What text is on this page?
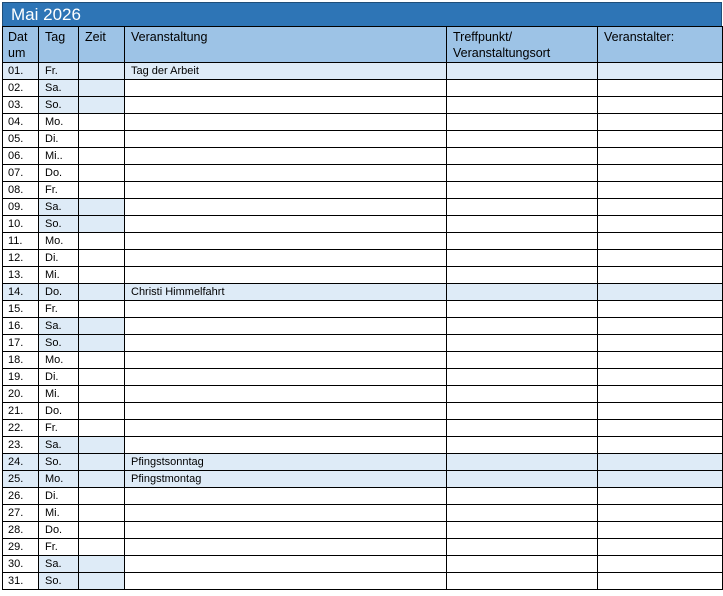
Mai 2026
Datum	Tag	Zeit	Veranstaltung	Treffpunkt/ Veranstaltungsort	Veranstalter:
01.	Fr.		Tag der Arbeit		
02.	Sa.				
03.	So.				
04.	Mo.				
05.	Di.				
06.	Mi..				
07.	Do.				
08.	Fr.				
09.	Sa.				
10.	So.				
11.	Mo.				
12.	Di.				
13.	Mi.				
14.	Do.		Christi Himmelfahrt		
15.	Fr.				
16.	Sa.				
17.	So.				
18.	Mo.				
19.	Di.				
20.	Mi.				
21.	Do.				
22.	Fr.				
23.	Sa.				
24.	So.		Pfingstsonntag		
25.	Mo.		Pfingstmontag		
26.	Di.				
27.	Mi.				
28.	Do.				
29.	Fr.				
30.	Sa.				
31.	So.				
